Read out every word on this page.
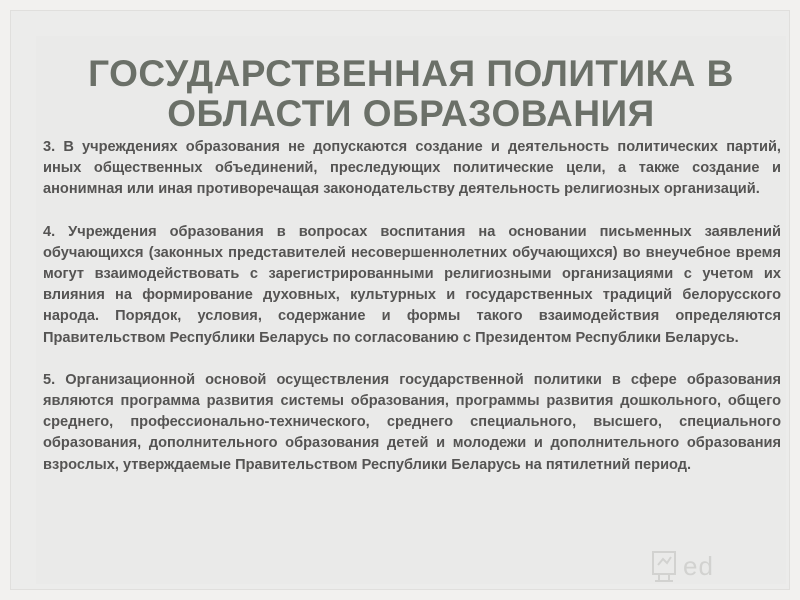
ГОСУДАРСТВЕННАЯ ПОЛИТИКА В ОБЛАСТИ ОБРАЗОВАНИЯ

3. В учреждениях образования не допускаются создание и деятельность политических партий, иных общественных объединений, преследующих политические цели, а также создание и анонимная или иная противоречащая законодательству деятельность религиозных организаций.

4. Учреждения образования в вопросах воспитания на основании письменных заявлений обучающихся (законных представителей несовершеннолетних обучающихся) во внеучебное время могут взаимодействовать с зарегистрированными религиозными организациями с учетом их влияния на формирование духовных, культурных и государственных традиций белорусского народа. Порядок, условия, содержание и формы такого взаимодействия определяются Правительством Республики Беларусь по согласованию с Президентом Республики Беларусь.

5. Организационной основой осуществления государственной политики в сфере образования являются программа развития системы образования, программы развития дошкольного, общего среднего, профессионально-технического, среднего специального, высшего, специального образования, дополнительного образования детей и молодежи и дополнительного образования взрослых, утверждаемые Правительством Республики Беларусь на пятилетний период.

ed
